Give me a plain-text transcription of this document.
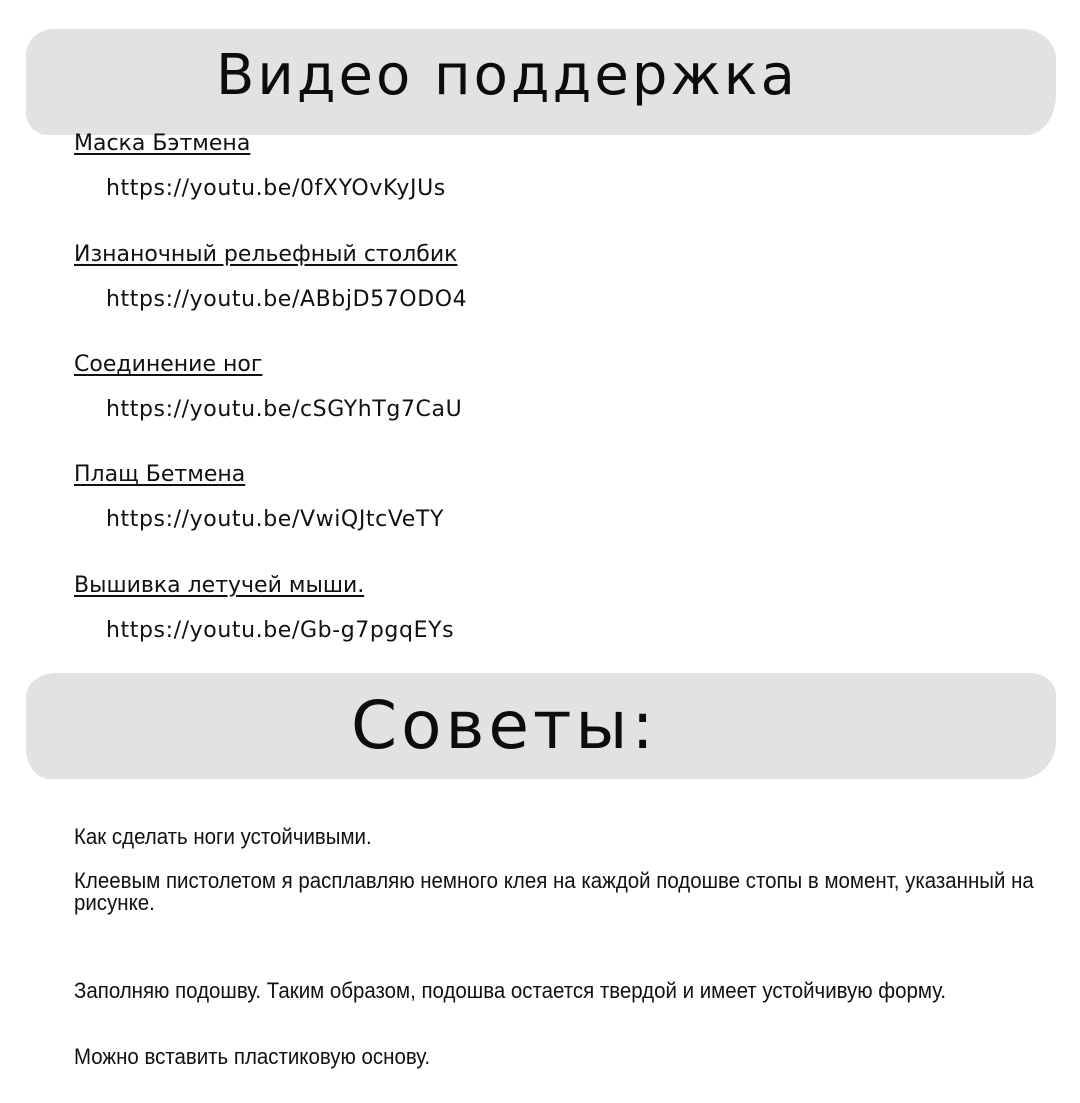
Видео поддержка
Маска Бэтмена
https://youtu.be/0fXYOvKyJUs
Изнаночный рельефный столбик
https://youtu.be/ABbjD57ODO4
Соединение ног
https://youtu.be/cSGYhTg7CaU
Плащ Бетмена
https://youtu.be/VwiQJtcVeTY
Вышивка летучей мыши.
https://youtu.be/Gb-g7pgqEYs
Советы:

Как сделать ноги устойчивыми.

Клеевым пистолетом я расплавляю немного клея на каждой подошве стопы в момент, указанный на рисунке.

Заполняю подошву. Таким образом, подошва остается твердой и имеет устойчивую форму.

Можно вставить пластиковую основу.
